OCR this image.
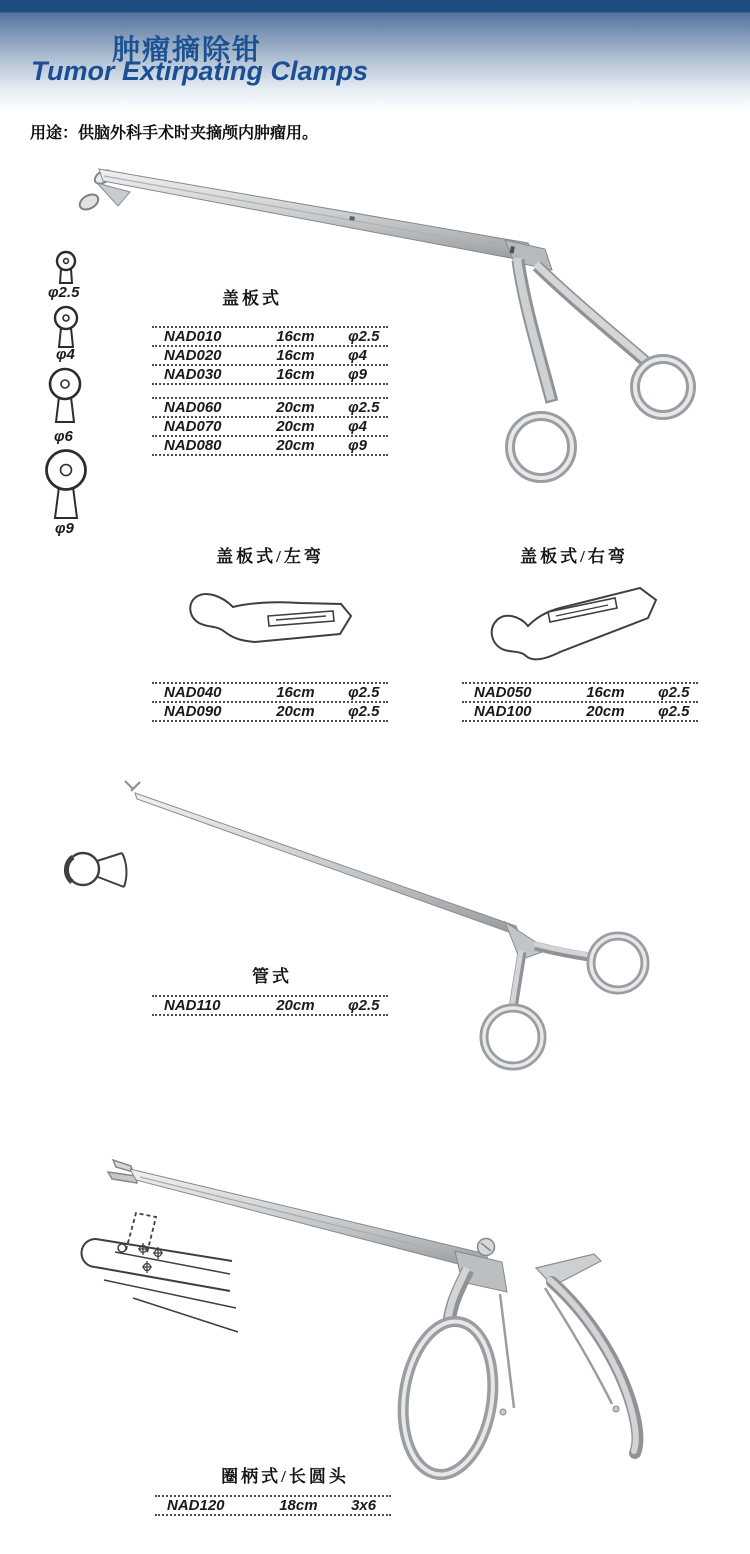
肿瘤摘除钳
Tumor Extirpating Clamps
用途：供脑外科手术时夹摘颅内肿瘤用。
φ2.5
φ4
φ6
φ9
盖板式
盖板式/左弯	盖板式/右弯
管式
圈柄式/长圆头
NAD010	16cm	φ2.5
NAD020	16cm	φ4
NAD030	16cm	φ9
NAD060	20cm	φ2.5
NAD070	20cm	φ4
NAD080	20cm	φ9
NAD040	16cm	φ2.5
NAD090	20cm	φ2.5
NAD050	16cm	φ2.5
NAD100	20cm	φ2.5
NAD110	20cm	φ2.5
NAD120	18cm	3x6
